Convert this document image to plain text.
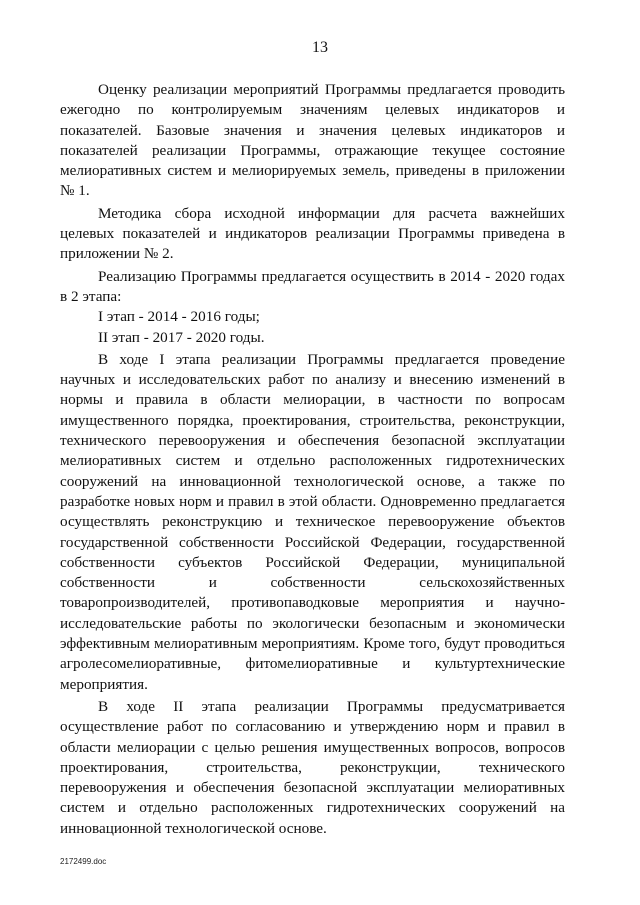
13

Оценку реализации мероприятий Программы предлагается проводить ежегодно по контролируемым значениям целевых индикаторов и показателей. Базовые значения и значения целевых индикаторов и показателей реализации Программы, отражающие текущее состояние мелиоративных систем и мелиорируемых земель, приведены в приложении № 1.

Методика сбора исходной информации для расчета важнейших целевых показателей и индикаторов реализации Программы приведена в приложении № 2.

Реализацию Программы предлагается осуществить в 2014 - 2020 годах в 2 этапа:

I этап - 2014 - 2016 годы;

II этап - 2017 - 2020 годы.

В ходе I этапа реализации Программы предлагается проведение научных и исследовательских работ по анализу и внесению изменений в нормы и правила в области мелиорации, в частности по вопросам имущественного порядка, проектирования, строительства, реконструкции, технического перевооружения и обеспечения безопасной эксплуатации мелиоративных систем и отдельно расположенных гидротехнических сооружений на инновационной технологической основе, а также по разработке новых норм и правил в этой области. Одновременно предлагается осуществлять реконструкцию и техническое перевооружение объектов государственной собственности Российской Федерации, государственной собственности субъектов Российской Федерации, муниципальной собственности и собственности сельскохозяйственных товаропроизводителей, противопаводковые мероприятия и научно-исследовательские работы по экологически безопасным и экономически эффективным мелиоративным мероприятиям. Кроме того, будут проводиться агролесомелиоративные, фитомелиоративные и культуртехнические мероприятия.

В ходе II этапа реализации Программы предусматривается осуществление работ по согласованию и утверждению норм и правил в области мелиорации с целью решения имущественных вопросов, вопросов проектирования, строительства, реконструкции, технического перевооружения и обеспечения безопасной эксплуатации мелиоративных систем и отдельно расположенных гидротехнических сооружений на инновационной технологической основе.

2172499.doc
